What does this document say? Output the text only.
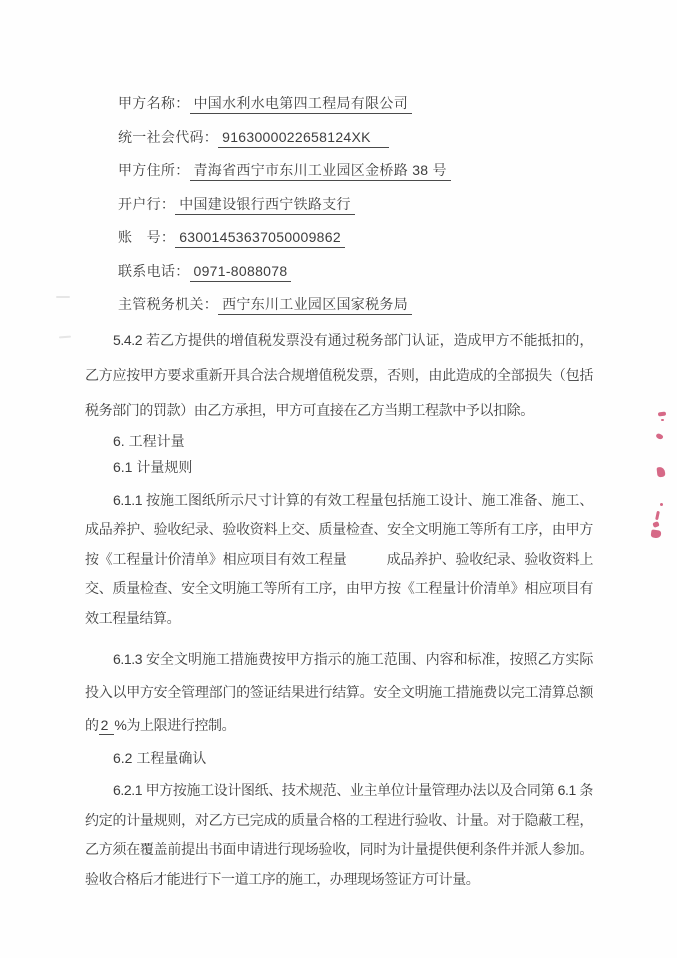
甲方名称： 中国水利水电第四工程局有限公司
统一社会代码： 9163000022658124XK
甲方住所： 青海省西宁市东川工业园区金桥路 38 号
开户行： 中国建设银行西宁铁路支行
账　号： 63001453637050009862
联系电话： 0971-8088078
主管税务机关： 西宁东川工业园区国家税务局

5.4.2 若乙方提供的增值税发票没有通过税务部门认证，造成甲方不能抵扣的，乙方应按甲方要求重新开具合法合规增值税发票，否则，由此造成的全部损失（包括税务部门的罚款）由乙方承担，甲方可直接在乙方当期工程款中予以扣除。

6. 工程计量

6.1 计量规则

6.1.1 按施工图纸所示尺寸计算的有效工程量包括施工设计、施工准备、施工、成品养护、验收纪录、验收资料上交、质量检查、安全文明施工等所有工序，由甲方按《工程量计价清单》相应项目有效工程量	成品养护、验收纪录、验收资料上交、质量检查、安全文明施工等所有工序，由甲方按《工程量计价清单》相应项目有效工程量结算。

6.1.3 安全文明施工措施费按甲方指示的施工范围、内容和标准，按照乙方实际投入以甲方安全管理部门的签证结果进行结算。安全文明施工措施费以完工清算总额的 2 %为上限进行控制。

6.2 工程量确认

6.2.1 甲方按施工设计图纸、技术规范、业主单位计量管理办法以及合同第 6.1 条约定的计量规则，对乙方已完成的质量合格的工程进行验收、计量。对于隐蔽工程，乙方须在覆盖前提出书面申请进行现场验收，同时为计量提供便利条件并派人参加。验收合格后才能进行下一道工序的施工，办理现场签证方可计量。
